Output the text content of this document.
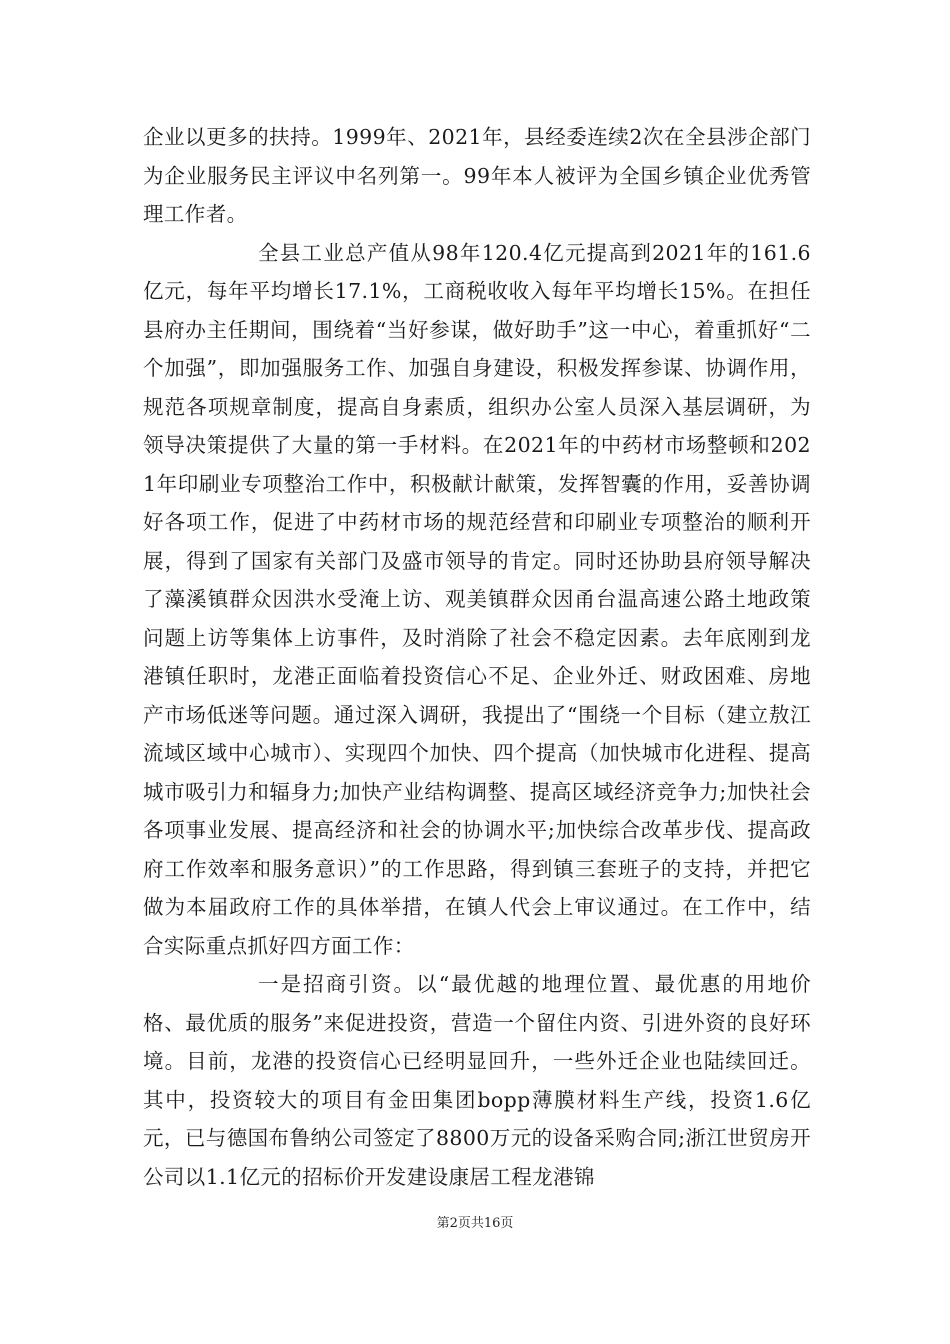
企业以更多的扶持。1999年、2021年，县经委连续2次在全县涉企部门为企业服务民主评议中名列第一。99年本人被评为全国乡镇企业优秀管理工作者。

全县工业总产值从98年120.4亿元提高到2021年的161.6亿元，每年平均增长17.1%，工商税收收入每年平均增长15%。在担任县府办主任期间，围绕着“当好参谋，做好助手”这一中心，着重抓好“二个加强”，即加强服务工作、加强自身建设，积极发挥参谋、协调作用，规范各项规章制度，提高自身素质，组织办公室人员深入基层调研，为领导决策提供了大量的第一手材料。在2021年的中药材市场整顿和2021年印刷业专项整治工作中，积极献计献策，发挥智囊的作用，妥善协调好各项工作，促进了中药材市场的规范经营和印刷业专项整治的顺利开展，得到了国家有关部门及盛市领导的肯定。同时还协助县府领导解决了藻溪镇群众因洪水受淹上访、观美镇群众因甬台温高速公路土地政策问题上访等集体上访事件，及时消除了社会不稳定因素。去年底刚到龙港镇任职时，龙港正面临着投资信心不足、企业外迁、财政困难、房地产市场低迷等问题。通过深入调研，我提出了“围绕一个目标（建立敖江流域区域中心城市）、实现四个加快、四个提高（加快城市化进程、提高城市吸引力和辐身力;加快产业结构调整、提高区域经济竞争力;加快社会各项事业发展、提高经济和社会的协调水平;加快综合改革步伐、提高政府工作效率和服务意识）”的工作思路，得到镇三套班子的支持，并把它做为本届政府工作的具体举措，在镇人代会上审议通过。在工作中，结合实际重点抓好四方面工作：

一是招商引资。以“最优越的地理位置、最优惠的用地价格、最优质的服务”来促进投资，营造一个留住内资、引进外资的良好环境。目前，龙港的投资信心已经明显回升，一些外迁企业也陆续回迁。其中，投资较大的项目有金田集团bopp薄膜材料生产线，投资1.6亿元，已与德国布鲁纳公司签定了8800万元的设备采购合同;浙江世贸房开公司以1.1亿元的招标价开发建设康居工程龙港锦

第2页共16页
